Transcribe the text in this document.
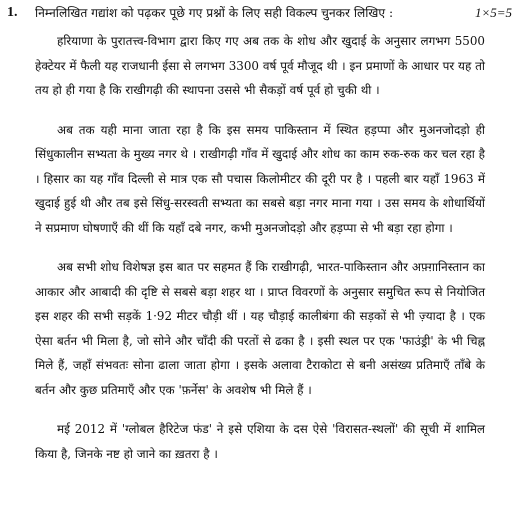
1. निम्नलिखित गद्यांश को पढ़कर पूछे गए प्रश्नों के लिए सही विकल्प चुनकर लिखिए :	1×5=5

हरियाणा के पुरातत्त्व-विभाग द्वारा किए गए अब तक के शोध और खुदाई के अनुसार लगभग 5500 हेक्टेयर में फैली यह राजधानी ईसा से लगभग 3300 वर्ष पूर्व मौजूद थी । इन प्रमाणों के आधार पर यह तो तय हो ही गया है कि राखीगढ़ी की स्थापना उससे भी सैकड़ों वर्ष पूर्व हो चुकी थी ।

अब तक यही माना जाता रहा है कि इस समय पाकिस्तान में स्थित हड़प्पा और मुअनजोदड़ो ही सिंधुकालीन सभ्यता के मुख्य नगर थे । राखीगढ़ी गाँव में खुदाई और शोध का काम रुक-रुक कर चल रहा है । हिसार का यह गाँव दिल्ली से मात्र एक सौ पचास किलोमीटर की दूरी पर है । पहली बार यहाँ 1963 में खुदाई हुई थी और तब इसे सिंधु-सरस्वती सभ्यता का सबसे बड़ा नगर माना गया । उस समय के शोधार्थियों ने सप्रमाण घोषणाएँ की थीं कि यहाँ दबे नगर, कभी मुअनजोदड़ो और हड़प्पा से भी बड़ा रहा होगा ।

अब सभी शोध विशेषज्ञ इस बात पर सहमत हैं कि राखीगढ़ी, भारत-पाकिस्तान और अफ़्ग़ानिस्तान का आकार और आबादी की दृष्टि से सबसे बड़ा शहर था । प्राप्त विवरणों के अनुसार समुचित रूप से नियोजित इस शहर की सभी सड़कें 1·92 मीटर चौड़ी थीं । यह चौड़ाई कालीबंगा की सड़कों से भी ज़्यादा है । एक ऐसा बर्तन भी मिला है, जो सोने और चाँदी की परतों से ढका है । इसी स्थल पर एक 'फाउंड्री' के भी चिह्न मिले हैं, जहाँ संभवतः सोना ढाला जाता होगा । इसके अलावा टैराकोटा से बनी असंख्य प्रतिमाएँ ताँबे के बर्तन और कुछ प्रतिमाएँ और एक 'फ़र्नेस' के अवशेष भी मिले हैं ।

मई 2012 में 'ग्लोबल हैरिटेज फंड' ने इसे एशिया के दस ऐसे 'विरासत-स्थलों' की सूची में शामिल किया है, जिनके नष्ट हो जाने का ख़तरा है ।
